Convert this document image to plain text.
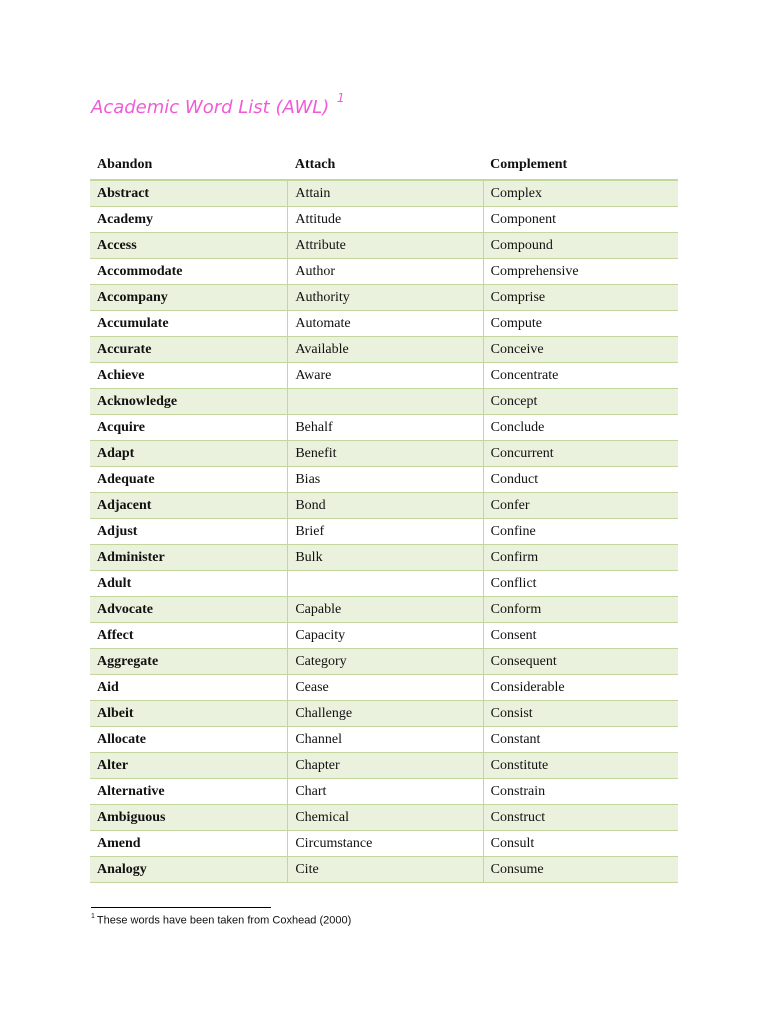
Academic Word List (AWL) $^1$
Abandon	Attach	Complement
Abstract	Attain	Complex
Academy	Attitude	Component
Access	Attribute	Compound
Accommodate	Author	Comprehensive
Accompany	Authority	Comprise
Accumulate	Automate	Compute
Accurate	Available	Conceive
Achieve	Aware	Concentrate
Acknowledge		Concept
Acquire	Behalf	Conclude
Adapt	Benefit	Concurrent
Adequate	Bias	Conduct
Adjacent	Bond	Confer
Adjust	Brief	Confine
Administer	Bulk	Confirm
Adult		Conflict
Advocate	Capable	Conform
Affect	Capacity	Consent
Aggregate	Category	Consequent
Aid	Cease	Considerable
Albeit	Challenge	Consist
Allocate	Channel	Constant
Alter	Chapter	Constitute
Alternative	Chart	Constrain
Ambiguous	Chemical	Construct
Amend	Circumstance	Consult
Analogy	Cite	Consume

$^1$ These words have been taken from Coxhead (2000)
